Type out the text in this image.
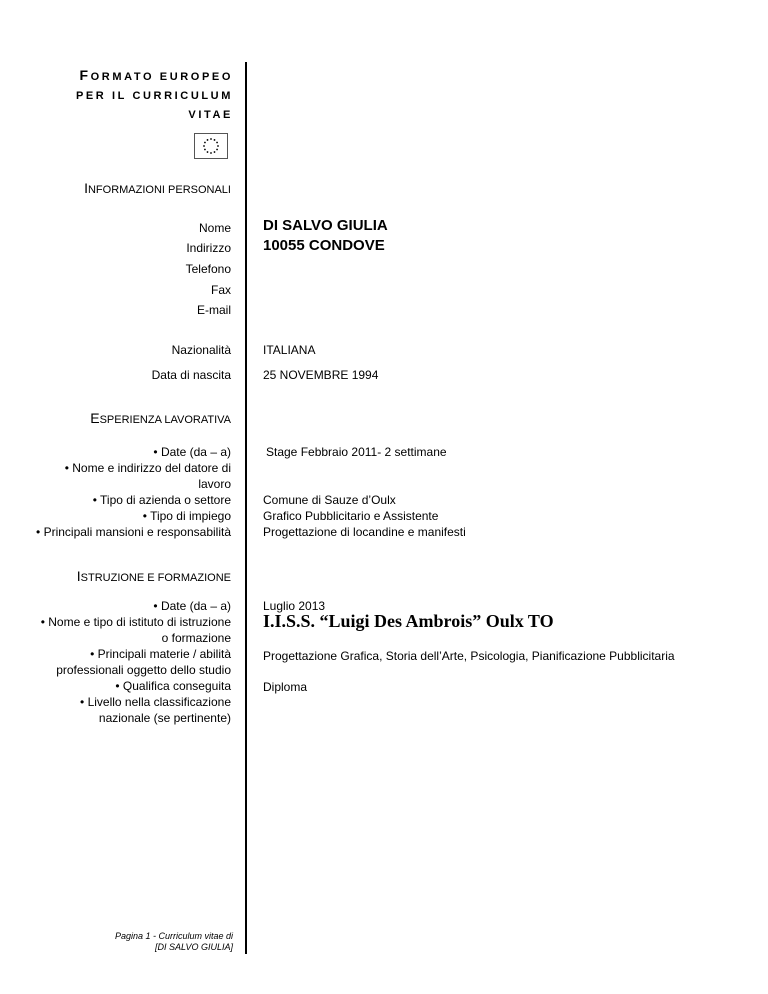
FORMATO EUROPEO
PER IL CURRICULUM
VITAE
INFORMAZIONI PERSONALI
Nome DI SALVO GIULIA
Indirizzo 10055 CONDOVE
Telefono
Fax
E-mail
Nazionalità	ITALIANA
Data di nascita	25 NOVEMBRE 1994
ESPERIENZA LAVORATIVA
• Date (da – a)
• Nome e indirizzo del datore di
lavoro
• Tipo di azienda o settore
• Tipo di impiego
• Principali mansioni e responsabilità
Stage Febbraio 2011- 2 settimane
Comune di Sauze d’Oulx
Grafico Pubblicitario e Assistente
Progettazione di locandine e manifesti
ISTRUZIONE E FORMAZIONE
• Date (da – a)
• Nome e tipo di istituto di istruzione
o formazione
• Principali materie / abilità
professionali oggetto dello studio
• Qualifica conseguita
• Livello nella classificazione
nazionale (se pertinente)
Luglio 2013
I.I.S.S. “Luigi Des Ambrois” Oulx TO
Progettazione Grafica, Storia dell’Arte, Psicologia, Pianificazione Pubblicitaria
Diploma
Pagina 1 - Curriculum vitae di
[DI SALVO GIULIA]
